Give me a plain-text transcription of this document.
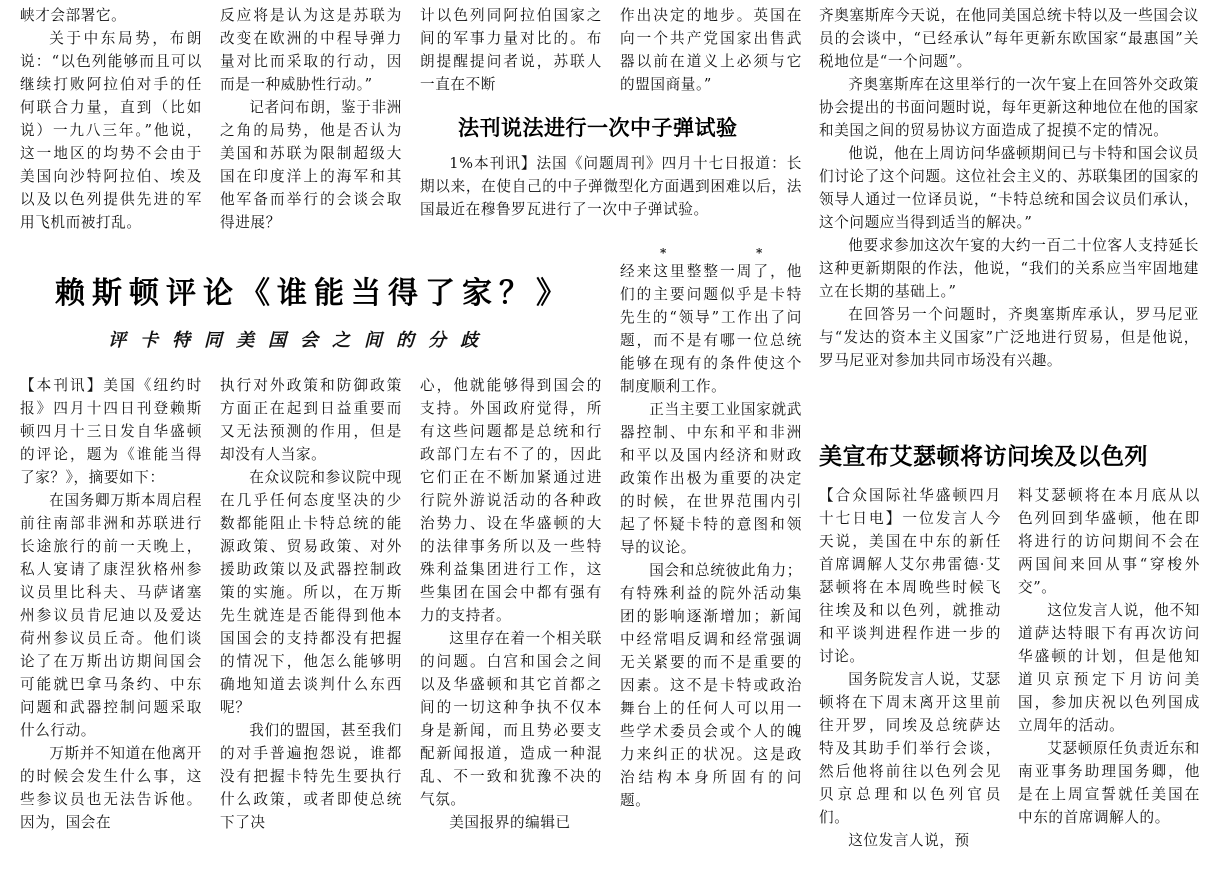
峡才会部署它。

关于中东局势，布朗说：“以色列能够而且可以继续打败阿拉伯对手的任何联合力量，直到（比如说）一九八三年。”他说，这一地区的均势不会由于美国向沙特阿拉伯、埃及以及以色列提供先进的军用飞机而被打乱。

反应将是认为这是苏联为改变在欧洲的中程导弹力量对比而采取的行动，因而是一种威胁性行动。”

记者问布朗，鉴于非洲之角的局势，他是否认为美国和苏联为限制超级大国在印度洋上的海军和其他军备而举行的会谈会取得进展？

计以色列同阿拉伯国家之间的军事力量对比的。布朗提醒提问者说，苏联人一直在不断

作出决定的地步。英国在向一个共产党国家出售武器以前在道义上必须与它的盟国商量。”

法刊说法进行一次中子弹试验

1%本刊讯】法国《问题周刊》四月十七日报道：长期以来，在使自己的中子弹微型化方面遇到困难以后，法国最近在穆鲁罗瓦进行了一次中子弹试验。

齐奥塞斯库今天说，在他同美国总统卡特以及一些国会议员的会谈中，“已经承认”每年更新东欧国家“最惠国”关税地位是“一个问题”。

齐奥塞斯库在这里举行的一次午宴上在回答外交政策协会提出的书面问题时说，每年更新这种地位在他的国家和美国之间的贸易协议方面造成了捉摸不定的情况。

他说，他在上周访问华盛顿期间已与卡特和国会议员们讨论了这个问题。这位社会主义的、苏联集团的国家的领导人通过一位译员说，“卡特总统和国会议员们承认，这个问题应当得到适当的解决。”

他要求参加这次午宴的大约一百二十位客人支持延长这种更新期限的作法，他说，“我们的关系应当牢固地建立在长期的基础上。”

在回答另一个问题时，齐奥塞斯库承认，罗马尼亚与“发达的资本主义国家”广泛地进行贸易，但是他说，罗马尼亚对参加共同市场没有兴趣。

赖斯顿评论《谁能当得了家？》
评卡特同美国会之间的分歧
*	*

【本刊讯】美国《纽约时报》四月十四日刊登赖斯顿四月十三日发自华盛顿的评论，题为《谁能当得了家？》，摘要如下：

在国务卿万斯本周启程前往南部非洲和苏联进行长途旅行的前一天晚上，私人宴请了康涅狄格州参议员里比科夫、马萨诸塞州参议员肯尼迪以及爱达荷州参议员丘奇。他们谈论了在万斯出访期间国会可能就巴拿马条约、中东问题和武器控制问题采取什么行动。

万斯并不知道在他离开的时候会发生什么事，这些参议员也无法告诉他。因为，国会在

执行对外政策和防御政策方面正在起到日益重要而又无法预测的作用，但是却没有人当家。

在众议院和参议院中现在几乎任何态度坚决的少数都能阻止卡特总统的能源政策、贸易政策、对外援助政策以及武器控制政策的实施。所以，在万斯先生就连是否能得到他本国国会的支持都没有把握的情况下，他怎么能够明确地知道去谈判什么东西呢？

我们的盟国，甚至我们的对手普遍抱怨说，谁都没有把握卡特先生要执行什么政策，或者即使总统下了决

心，他就能够得到国会的支持。外国政府觉得，所有这些问题都是总统和行政部门左右不了的，因此它们正在不断加紧通过进行院外游说活动的各种政治势力、设在华盛顿的大的法律事务所以及一些特殊利益集团进行工作，这些集团在国会中都有强有力的支持者。

这里存在着一个相关联的问题。白宫和国会之间以及华盛顿和其它首都之间的一切这种争执不仅本身是新闻，而且势必要支配新闻报道，造成一种混乱、不一致和犹豫不决的气氛。

美国报界的编辑已

经来这里整整一周了，他们的主要问题似乎是卡特先生的“领导”工作出了问题，而不是有哪一位总统能够在现有的条件使这个制度顺利工作。

正当主要工业国家就武器控制、中东和平和非洲和平以及国内经济和财政政策作出极为重要的决定的时候，在世界范围内引起了怀疑卡特的意图和领导的议论。

国会和总统彼此角力；有特殊利益的院外活动集团的影响逐渐增加；新闻中经常唱反调和经常强调无关紧要的而不是重要的因素。这不是卡特或政治舞台上的任何人可以用一些学术委员会或个人的魄力来纠正的状况。这是政治结构本身所固有的问题。

美宣布艾瑟顿将访问埃及以色列

【合众国际社华盛顿四月十七日电】一位发言人今天说，美国在中东的新任首席调解人艾尔弗雷德·艾瑟顿将在本周晚些时候飞往埃及和以色列，就推动和平谈判进程作进一步的讨论。

国务院发言人说，艾瑟顿将在下周末离开这里前往开罗，同埃及总统萨达特及其助手们举行会谈，然后他将前往以色列会见贝京总理和以色列官员们。

这位发言人说，预

料艾瑟顿将在本月底从以色列回到华盛顿，他在即将进行的访问期间不会在两国间来回从事“穿梭外交”。

这位发言人说，他不知道萨达特眼下有再次访问华盛顿的计划，但是他知道贝京预定下月访问美国，参加庆祝以色列国成立周年的活动。

艾瑟顿原任负责近东和南亚事务助理国务卿，他是在上周宣誓就任美国在中东的首席调解人的。
